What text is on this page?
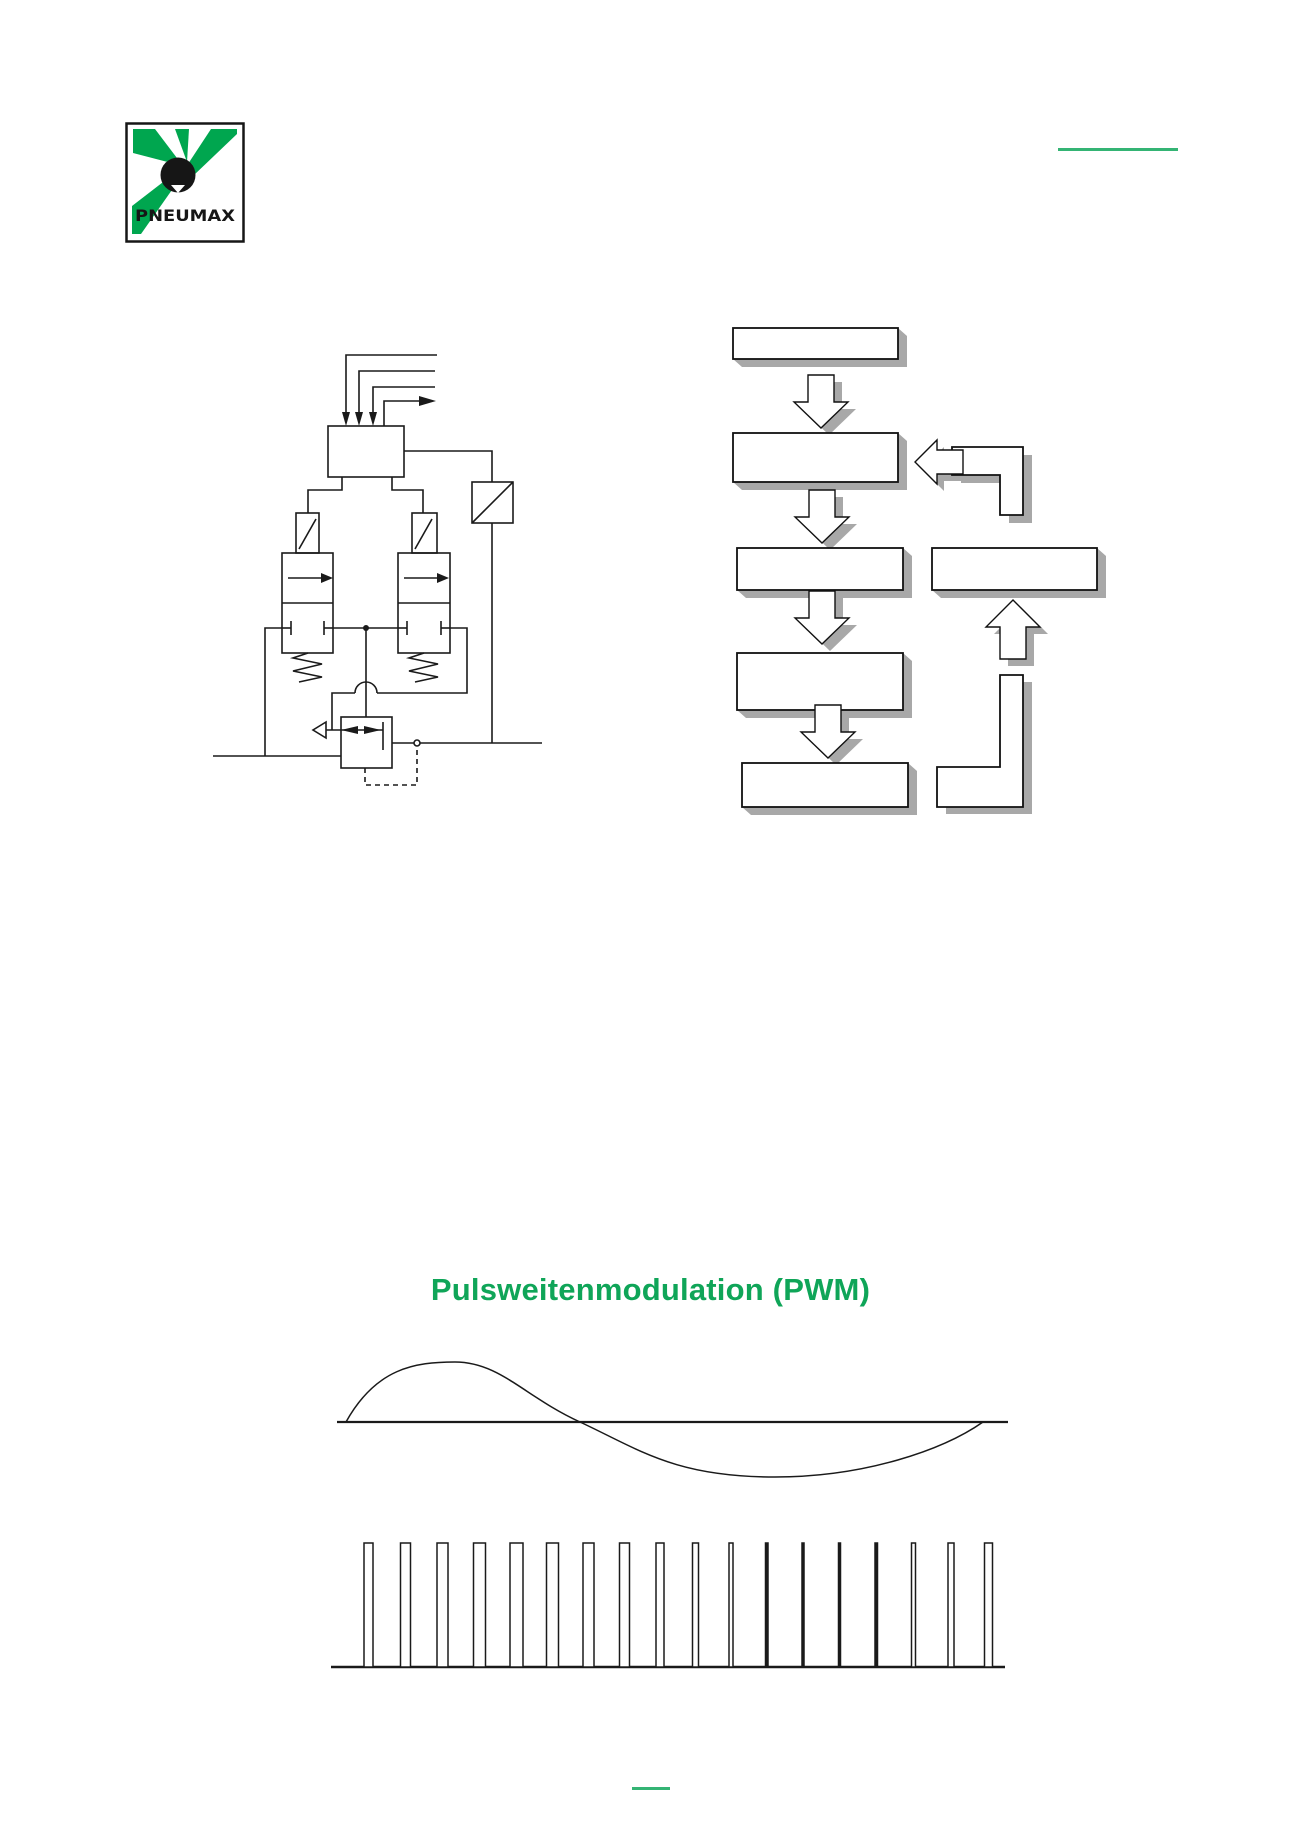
PNEUMAX
Pulsweitenmodulation (PWM)
